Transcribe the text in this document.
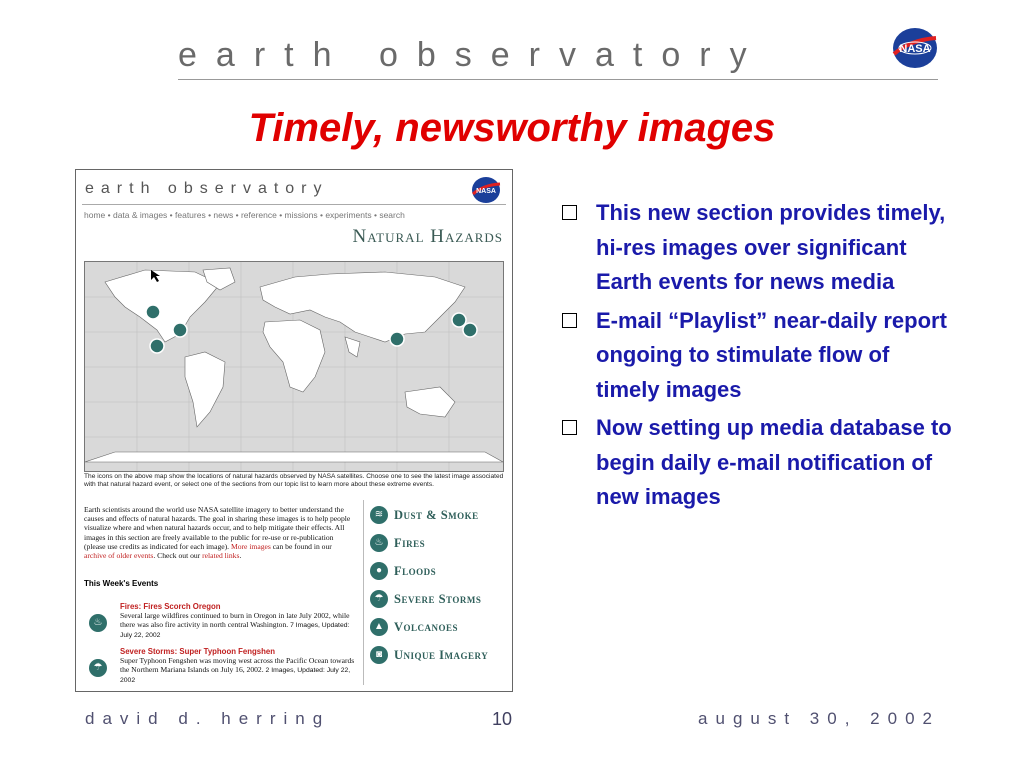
earth observatory	NASA
Timely, newsworthy images
earth observatory	NASA
home • data & images • features • news • reference • missions • experiments • search
Natural Hazards
The icons on the above map show the locations of natural hazards observed by NASA satellites. Choose one to see the latest image associated with that natural hazard event, or select one of the sections from our topic list to learn more about these extreme events.
Earth scientists around the world use NASA satellite imagery to better understand the causes and effects of natural hazards. The goal in sharing these images is to help people visualize where and when natural hazards occur, and to help mitigate their effects. All images in this section are freely available to the public for re-use or re-publication (please use credits as indicated for each image). More images can be found in our archive of older events. Check out our related links.
This Week's Events
♨
Fires: Fires Scorch Oregon
Several large wildfires continued to burn in Oregon in late July 2002, while there was also fire activity in north central Washington. 7 Images, Updated: July 22, 2002
☂
Severe Storms: Super Typhoon Fengshen
Super Typhoon Fengshen was moving west across the Pacific Ocean towards the Northern Mariana Islands on July 16, 2002. 2 Images, Updated: July 22, 2002
≋ Dust & Smoke
♨ Fires
● Floods
☂ Severe Storms
▲ Volcanoes
◙ Unique Imagery
This new section provides timely, hi-res images over significant Earth events for news media
E-mail “Playlist” near-daily report ongoing to stimulate flow of timely images
Now setting up media database to begin daily e-mail notification of new images
david d. herring	10	august 30, 2002
